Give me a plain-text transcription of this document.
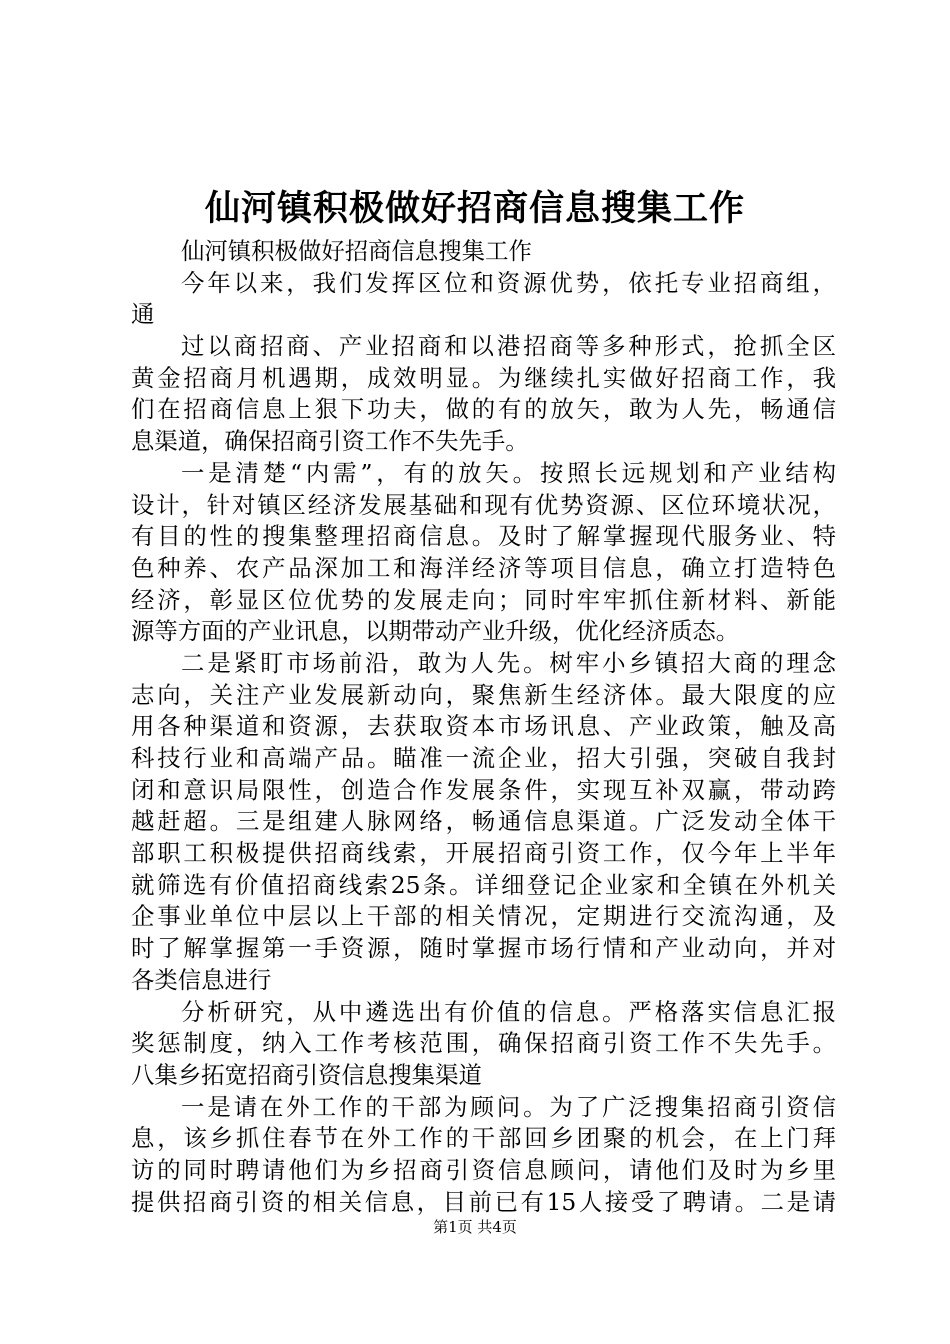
仙河镇积极做好招商信息搜集工作
仙河镇积极做好招商信息搜集工作
今年以来，我们发挥区位和资源优势，依托专业招商组，
通
过以商招商、产业招商和以港招商等多种形式，抢抓全区
黄金招商月机遇期，成效明显。为继续扎实做好招商工作，我
们在招商信息上狠下功夫，做的有的放矢，敢为人先，畅通信
息渠道，确保招商引资工作不失先手。
一是清楚“内需”，有的放矢。按照长远规划和产业结构
设计，针对镇区经济发展基础和现有优势资源、区位环境状况，
有目的性的搜集整理招商信息。及时了解掌握现代服务业、特
色种养、农产品深加工和海洋经济等项目信息，确立打造特色
经济，彰显区位优势的发展走向；同时牢牢抓住新材料、新能
源等方面的产业讯息，以期带动产业升级，优化经济质态。
二是紧盯市场前沿，敢为人先。树牢小乡镇招大商的理念
志向，关注产业发展新动向，聚焦新生经济体。最大限度的应
用各种渠道和资源，去获取资本市场讯息、产业政策，触及高
科技行业和高端产品。瞄准一流企业，招大引强，突破自我封
闭和意识局限性，创造合作发展条件，实现互补双赢，带动跨
越赶超。三是组建人脉网络，畅通信息渠道。广泛发动全体干
部职工积极提供招商线索，开展招商引资工作，仅今年上半年
就筛选有价值招商线索25条。详细登记企业家和全镇在外机关
企事业单位中层以上干部的相关情况，定期进行交流沟通，及
时了解掌握第一手资源，随时掌握市场行情和产业动向，并对
各类信息进行
分析研究，从中遴选出有价值的信息。严格落实信息汇报
奖惩制度，纳入工作考核范围，确保招商引资工作不失先手。
八集乡拓宽招商引资信息搜集渠道
一是请在外工作的干部为顾问。为了广泛搜集招商引资信
息，该乡抓住春节在外工作的干部回乡团聚的机会，在上门拜
访的同时聘请他们为乡招商引资信息顾问，请他们及时为乡里
提供招商引资的相关信息，目前已有15人接受了聘请。二是请
第1页 共4页
